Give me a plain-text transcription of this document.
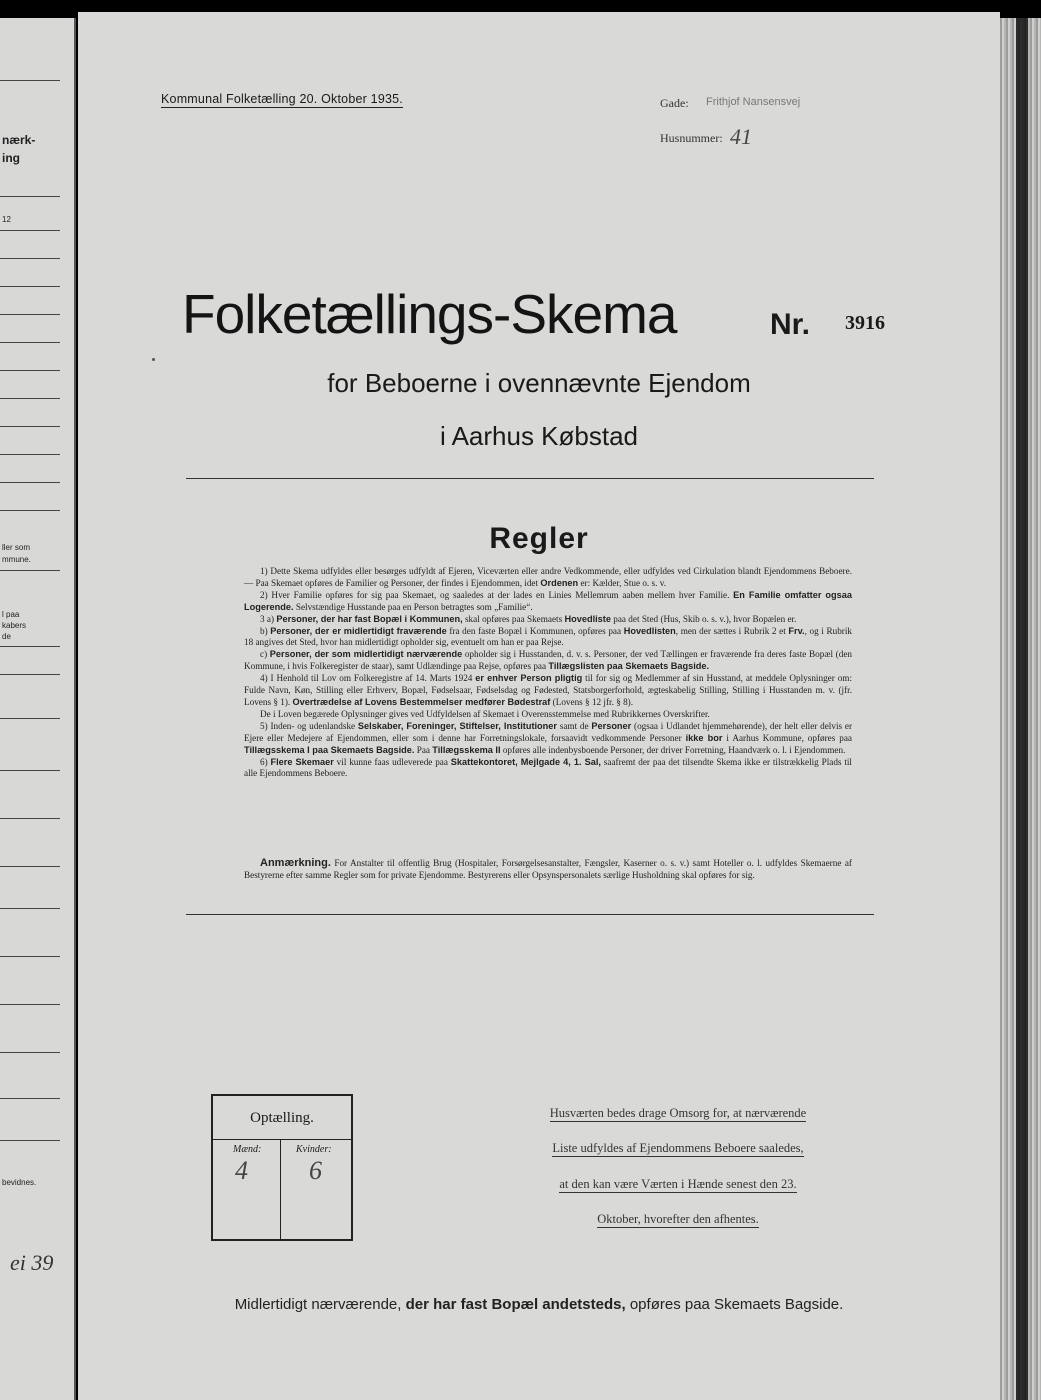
nærk-
ing
12
ller som
mmune.
l paa
kabers
de
bevidnes.
ei 39
Kommunal Folketælling 20. Oktober 1935.	Gade: Frithjof Nansensvej
Husnummer: 41
Folketællings-Skema	Nr. 3916
for Beboerne i ovennævnte Ejendom
i Aarhus Købstad
Regler

1) Dette Skema udfyldes eller besørges udfyldt af Ejeren, Viceværten eller andre Vedkommende, eller udfyldes ved Cirkulation blandt Ejendommens Beboere. — Paa Skemaet opføres de Familier og Personer, der findes i Ejendommen, idet Ordenen er: Kælder, Stue o. s. v.

2) Hver Familie opføres for sig paa Skemaet, og saaledes at der lades en Linies Mellemrum aaben mellem hver Familie. En Familie omfatter ogsaa Logerende. Selvstændige Husstande paa en Person betragtes som „Familie“.

3 a) Personer, der har fast Bopæl i Kommunen, skal opføres paa Skemaets Hovedliste paa det Sted (Hus, Skib o. s. v.), hvor Bopælen er.

b) Personer, der er midlertidigt fraværende fra den faste Bopæl i Kommunen, opføres paa Hovedlisten, men der sættes i Rubrik 2 et Frv., og i Rubrik 18 angives det Sted, hvor han midlertidigt opholder sig, eventuelt om han er paa Rejse.

c) Personer, der som midlertidigt nærværende opholder sig i Husstanden, d. v. s. Personer, der ved Tællingen er fraværende fra deres faste Bopæl (den Kommune, i hvis Folkeregister de staar), samt Udlændinge paa Rejse, opføres paa Tillægslisten paa Skemaets Bagside.

4) I Henhold til Lov om Folkeregistre af 14. Marts 1924 er enhver Person pligtig til for sig og Medlemmer af sin Husstand, at meddele Oplysninger om: Fulde Navn, Køn, Stilling eller Erhverv, Bopæl, Fødselsaar, Fødselsdag og Fødested, Statsborgerforhold, ægteskabelig Stilling, Stilling i Husstanden m. v. (jfr. Lovens § 1). Overtrædelse af Lovens Bestemmelser medfører Bødestraf (Lovens § 12 jfr. § 8).

De i Loven begærede Oplysninger gives ved Udfyldelsen af Skemaet i Overensstemmelse med Rubrikkernes Overskrifter.

5) Inden- og udenlandske Selskaber, Foreninger, Stiftelser, Institutioner samt de Personer (ogsaa i Udlandet hjemmehørende), der helt eller delvis er Ejere eller Medejere af Ejendommen, eller som i denne har Forretningslokale, forsaavidt vedkommende Personer ikke bor i Aarhus Kommune, opføres paa Tillægsskema I paa Skemaets Bagside. Paa Tillægsskema II opføres alle indenbysboende Personer, der driver Forretning, Haandværk o. l. i Ejendommen.

6) Flere Skemaer vil kunne faas udleverede paa Skattekontoret, Mejlgade 4, 1. Sal, saafremt der paa det tilsendte Skema ikke er tilstrækkelig Plads til alle Ejendommens Beboere.

Anmærkning. For Anstalter til offentlig Brug (Hospitaler, Forsørgelsesanstalter, Fængsler, Kaserner o. s. v.) samt Hoteller o. l. udfyldes Skemaerne af Bestyrerne efter samme Regler som for private Ejendomme. Bestyrerens eller Opsynspersonalets særlige Husholdning skal opføres for sig.

Optælling.
Mænd:
4
Kvinder:
6
Husværten bedes drage Omsorg for, at nærværende
Liste udfyldes af Ejendommens Beboere saaledes,
at den kan være Værten i Hænde senest den 23.
Oktober, hvorefter den afhentes.
Midlertidigt nærværende, der har fast Bopæl andetsteds, opføres paa Skemaets Bagside.
